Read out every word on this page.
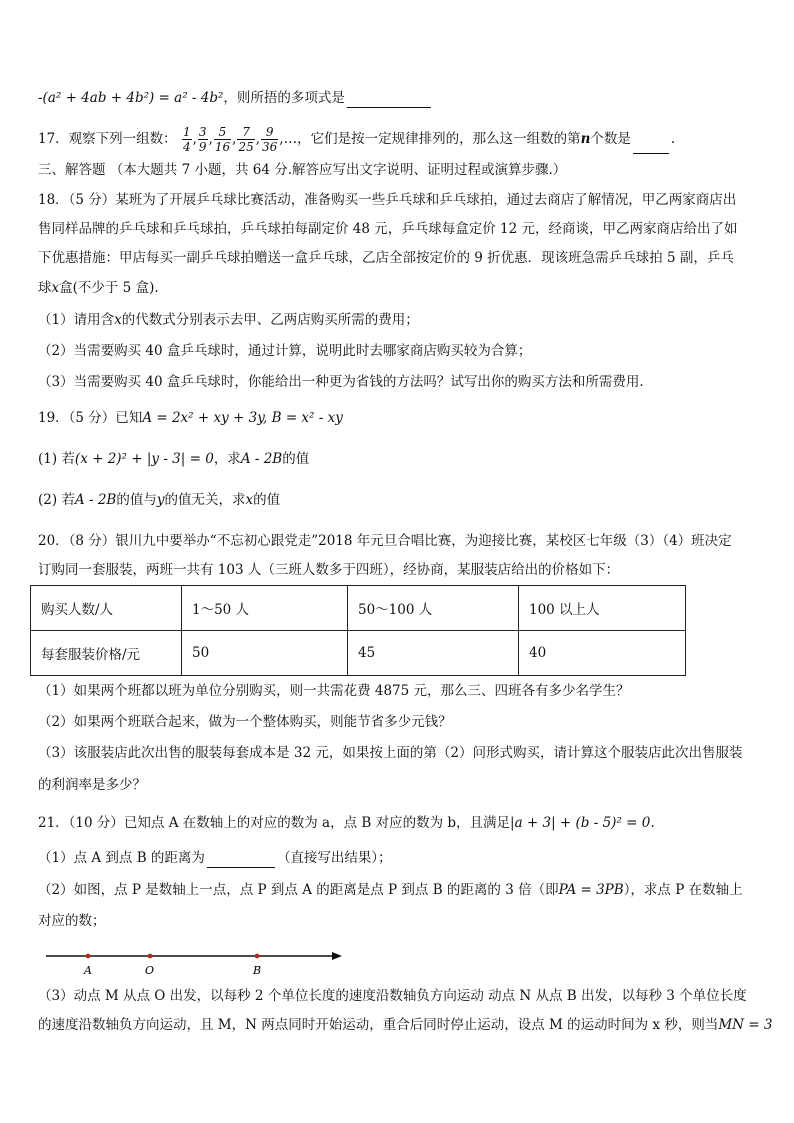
-(a² + 4ab + 4b²) = a² - 4b²，则所捂的多项式是
17．观察下列一组数： $\frac{1}{4}$ , $\frac{3}{9}$ , $\frac{5}{16}$ , $\frac{7}{25}$ , $\frac{9}{36}$ ,…，它们是按一定规律排列的，那么这一组数的第n个数是	.
三、解答题 （本大题共 7 小题，共 64 分.解答应写出文字说明、证明过程或演算步骤.）
18．（5 分）某班为了开展乒乓球比赛活动，准备购买一些乒乓球和乒乓球拍，通过去商店了解情况，甲乙两家商店出
售同样品牌的乒乓球和乒乓球拍，乒乓球拍每副定价 48 元，乒乓球每盒定价 12 元，经商谈，甲乙两家商店给出了如
下优惠措施：甲店每买一副乒乓球拍赠送一盒乒乓球，乙店全部按定价的 9 折优惠．现该班急需乒乓球拍 5 副，乒乓
球x盒(不少于 5 盒).
（1）请用含x的代数式分别表示去甲、乙两店购买所需的费用；
（2）当需要购买 40 盒乒乓球时，通过计算，说明此时去哪家商店购买较为合算；
（3）当需要购买 40 盒乒乓球时，你能给出一种更为省钱的方法吗？试写出你的购买方法和所需费用.
19．（5 分）已知A = 2x² + xy + 3y, B = x² - xy
(1) 若(x + 2)² + |y - 3| = 0，求A - 2B的值
(2) 若A - 2B的值与y的值无关，求x的值
20．（8 分）银川九中要举办“不忘初心跟党走”2018 年元旦合唱比赛，为迎接比赛，某校区七年级（3）（4）班决定
订购同一套服装，两班一共有 103 人（三班人数多于四班），经协商，某服装店给出的价格如下：
购买人数/人	1～50 人	50～100 人	100 以上人
每套服装价格/元	50	45	40
（1）如果两个班都以班为单位分别购买，则一共需花费 4875 元，那么三、四班各有多少名学生？
（2）如果两个班联合起来，做为一个整体购买，则能节省多少元钱？
（3）该服装店此次出售的服装每套成本是 32 元，如果按上面的第（2）问形式购买，请计算这个服装店此次出售服装
的利润率是多少？
21．（10 分）已知点 A 在数轴上的对应的数为 a，点 B 对应的数为 b，且满足|a + 3| + (b - 5)² = 0.
（1）点 A 到点 B 的距离为	（直接写出结果）；
（2）如图，点 P 是数轴上一点，点 P 到点 A 的距离是点 P 到点 B 的距离的 3 倍（即PA = 3PB），求点 P 在数轴上
对应的数；
A	O	B
（3）动点 M 从点 O 出发，以每秒 2 个单位长度的速度沿数轴负方向运动 动点 N 从点 B 出发，以每秒 3 个单位长度
的速度沿数轴负方向运动，且 M，N 两点同时开始运动，重合后同时停止运动，设点 M 的运动时间为 x 秒，则当MN = 3
